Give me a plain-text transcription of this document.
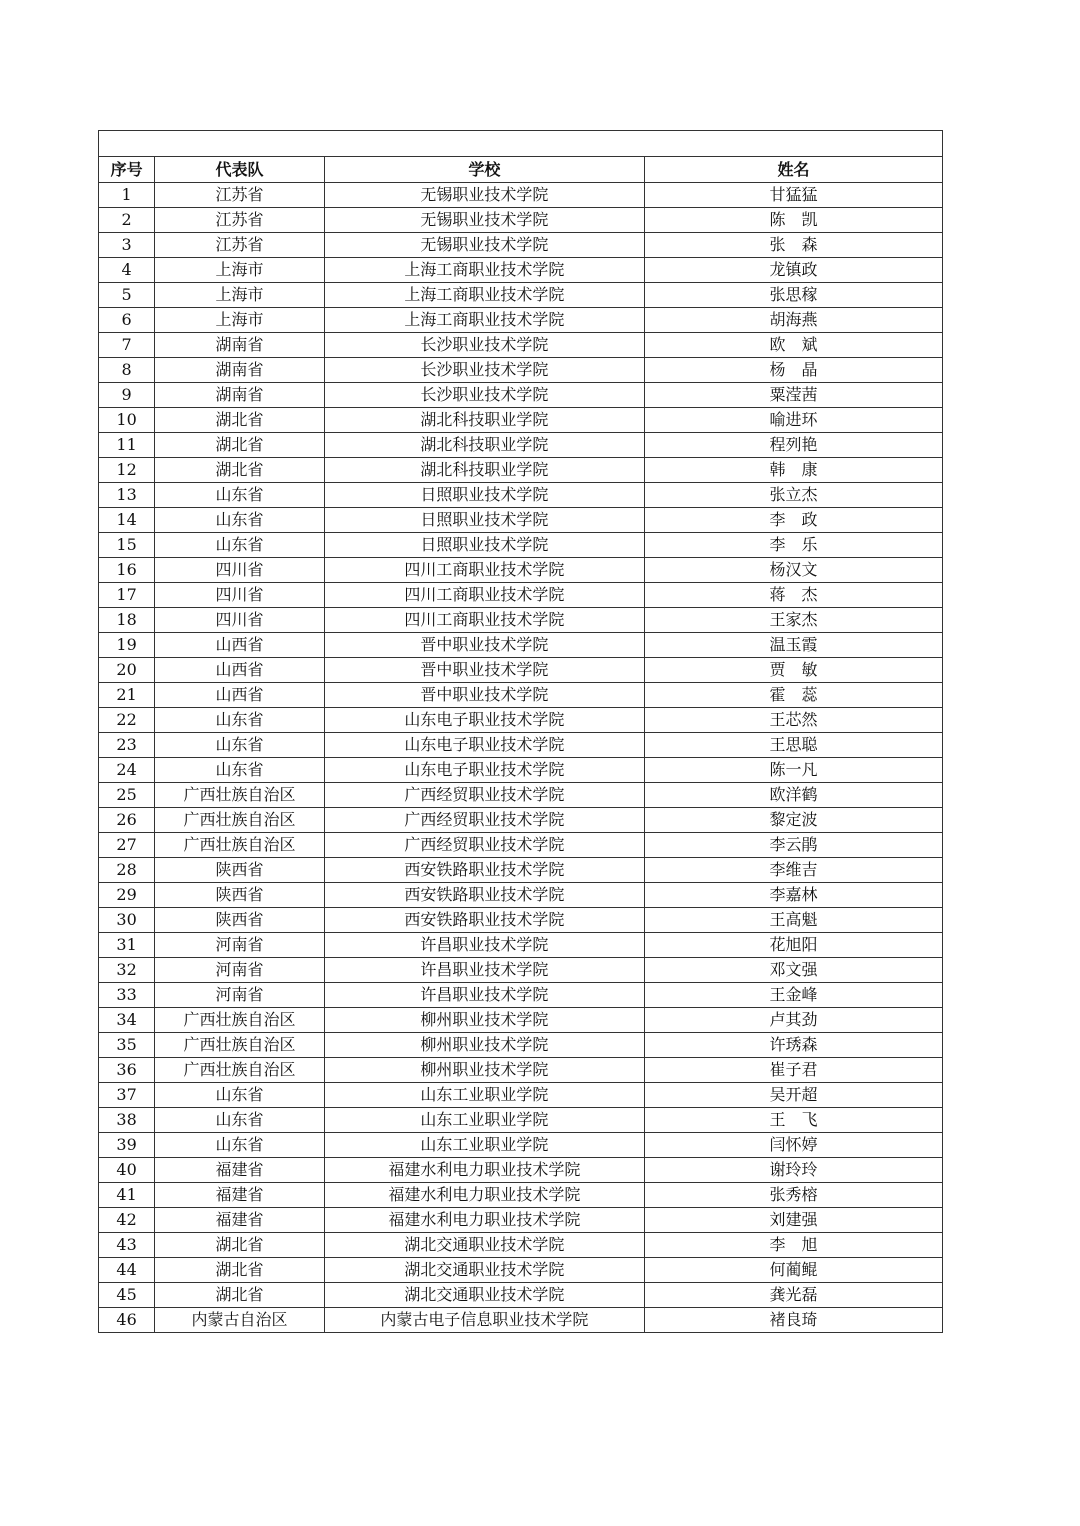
序号	代表队	学校	姓名
1	江苏省	无锡职业技术学院	甘猛猛
2	江苏省	无锡职业技术学院	陈　凯
3	江苏省	无锡职业技术学院	张　森
4	上海市	上海工商职业技术学院	龙镇政
5	上海市	上海工商职业技术学院	张思稼
6	上海市	上海工商职业技术学院	胡海燕
7	湖南省	长沙职业技术学院	欧　斌
8	湖南省	长沙职业技术学院	杨　晶
9	湖南省	长沙职业技术学院	粟滢茜
10	湖北省	湖北科技职业学院	喻进环
11	湖北省	湖北科技职业学院	程列艳
12	湖北省	湖北科技职业学院	韩　康
13	山东省	日照职业技术学院	张立杰
14	山东省	日照职业技术学院	李　政
15	山东省	日照职业技术学院	李　乐
16	四川省	四川工商职业技术学院	杨汉文
17	四川省	四川工商职业技术学院	蒋　杰
18	四川省	四川工商职业技术学院	王家杰
19	山西省	晋中职业技术学院	温玉霞
20	山西省	晋中职业技术学院	贾　敏
21	山西省	晋中职业技术学院	霍　蕊
22	山东省	山东电子职业技术学院	王芯然
23	山东省	山东电子职业技术学院	王思聪
24	山东省	山东电子职业技术学院	陈一凡
25	广西壮族自治区	广西经贸职业技术学院	欧洋鹤
26	广西壮族自治区	广西经贸职业技术学院	黎定波
27	广西壮族自治区	广西经贸职业技术学院	李云鹃
28	陕西省	西安铁路职业技术学院	李维吉
29	陕西省	西安铁路职业技术学院	李嘉林
30	陕西省	西安铁路职业技术学院	王高魁
31	河南省	许昌职业技术学院	花旭阳
32	河南省	许昌职业技术学院	邓文强
33	河南省	许昌职业技术学院	王金峰
34	广西壮族自治区	柳州职业技术学院	卢其劲
35	广西壮族自治区	柳州职业技术学院	许琇森
36	广西壮族自治区	柳州职业技术学院	崔子君
37	山东省	山东工业职业学院	吴开超
38	山东省	山东工业职业学院	王　飞
39	山东省	山东工业职业学院	闫怀婷
40	福建省	福建水利电力职业技术学院	谢玲玲
41	福建省	福建水利电力职业技术学院	张秀榕
42	福建省	福建水利电力职业技术学院	刘建强
43	湖北省	湖北交通职业技术学院	李　旭
44	湖北省	湖北交通职业技术学院	何蔺鲲
45	湖北省	湖北交通职业技术学院	龚光磊
46	内蒙古自治区	内蒙古电子信息职业技术学院	褚良琦
